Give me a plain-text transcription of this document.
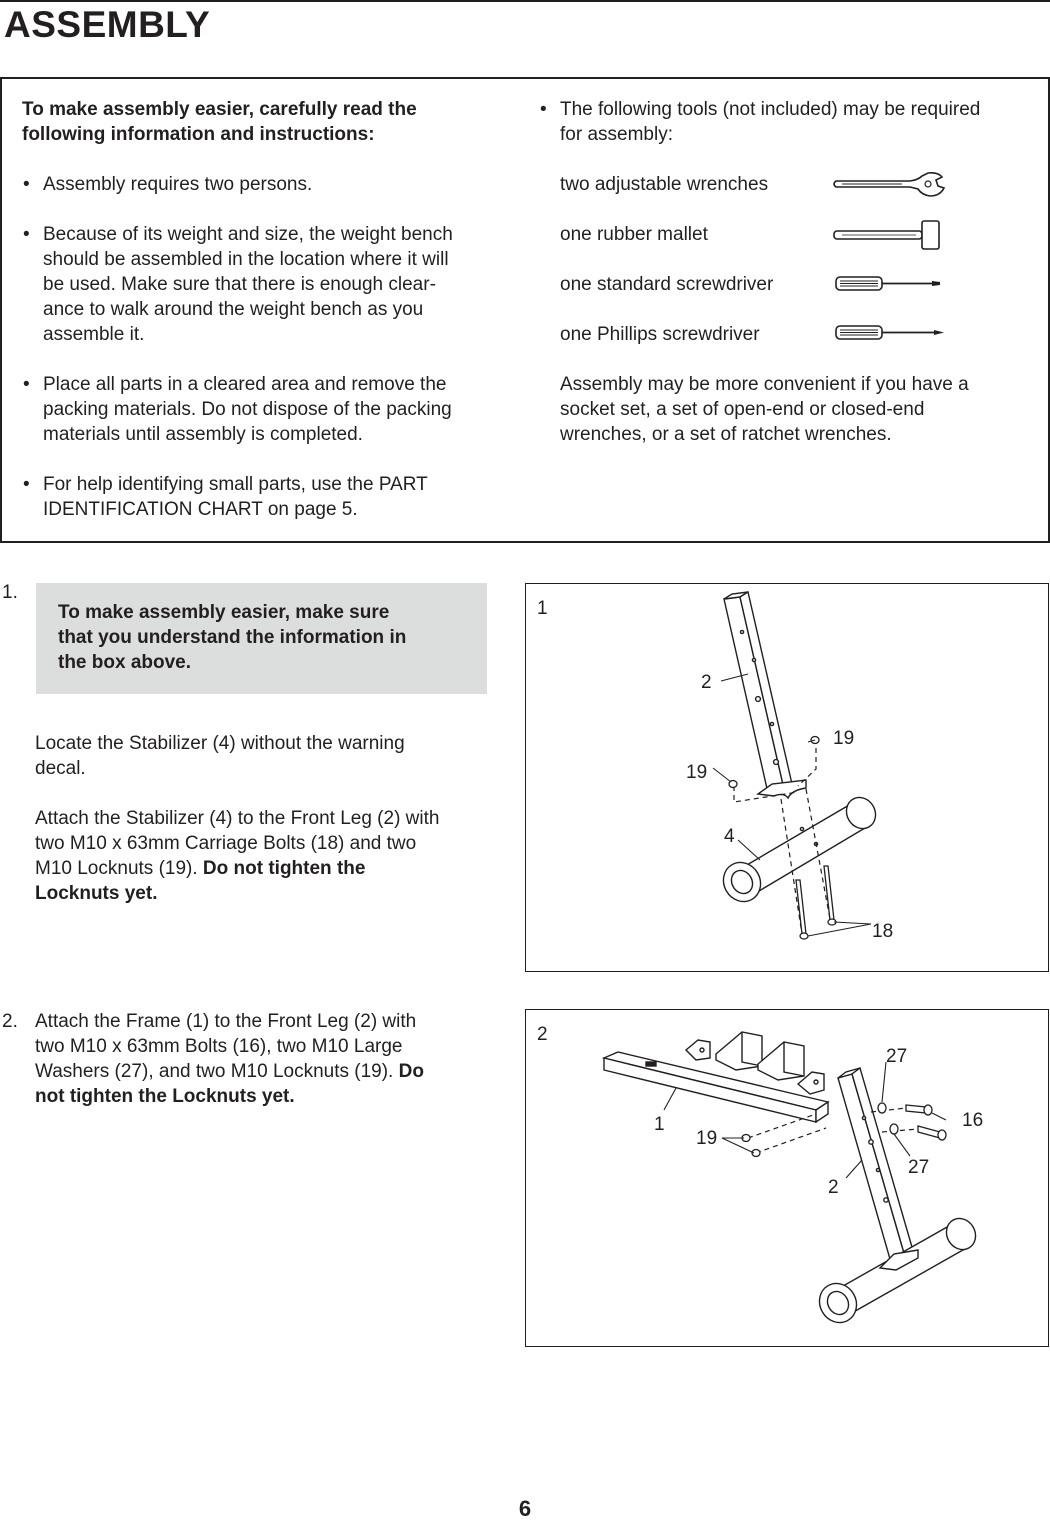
ASSEMBLY
To make assembly easier, carefully read the
following information and instructions:
• Assembly requires two persons.
• Because of its weight and size, the weight bench
should be assembled in the location where it will
be used. Make sure that there is enough clear-
ance to walk around the weight bench as you
assemble it.
• Place all parts in a cleared area and remove the
packing materials. Do not dispose of the packing
materials until assembly is completed.
• For help identifying small parts, use the PART
IDENTIFICATION CHART on page 5.
• The following tools (not included) may be required
for assembly:
two adjustable wrenches
one rubber mallet
one standard screwdriver
one Phillips screwdriver
Assembly may be more convenient if you have a
socket set, a set of open-end or closed-end
wrenches, or a set of ratchet wrenches.
1.
To make assembly easier, make sure
that you understand the information in
the box above.
Locate the Stabilizer (4) without the warning
decal.
Attach the Stabilizer (4) to the Front Leg (2) with
two M10 x 63mm Carriage Bolts (18) and two
M10 Locknuts (19). Do not tighten the
Locknuts yet.
1
2
19
19
4
18
2. Attach the Frame (1) to the Front Leg (2) with
two M10 x 63mm Bolts (16), two M10 Large
Washers (27), and two M10 Locknuts (19). Do
not tighten the Locknuts yet.
2
1
19
2
27
27
16
6
